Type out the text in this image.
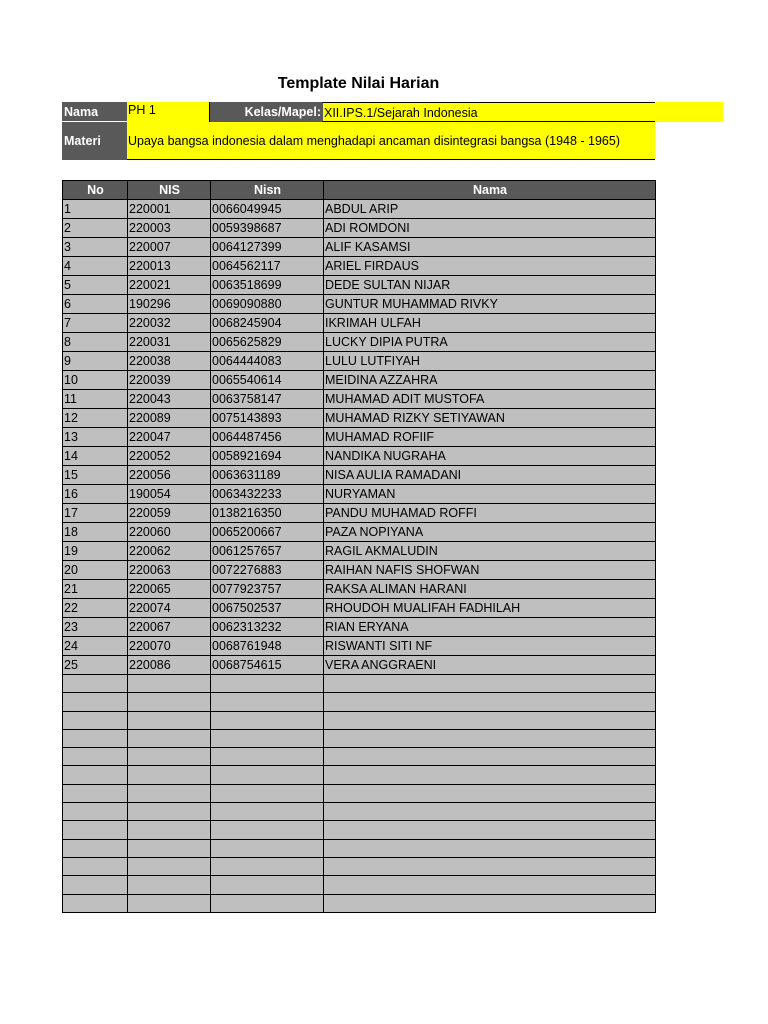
Template Nilai Harian
Nama	PH 1	Kelas/Mapel: XII.IPS.1/Sejarah Indonesia
Materi	Upaya bangsa indonesia dalam menghadapi ancaman disintegrasi bangsa (1948 - 1965)
No	NIS	Nisn	Nama
1	220001	0066049945	ABDUL ARIP
2	220003	0059398687	ADI ROMDONI
3	220007	0064127399	ALIF KASAMSI
4	220013	0064562117	ARIEL FIRDAUS
5	220021	0063518699	DEDE SULTAN NIJAR
6	190296	0069090880	GUNTUR MUHAMMAD RIVKY
7	220032	0068245904	IKRIMAH ULFAH
8	220031	0065625829	LUCKY DIPIA PUTRA
9	220038	0064444083	LULU LUTFIYAH
10	220039	0065540614	MEIDINA AZZAHRA
11	220043	0063758147	MUHAMAD ADIT MUSTOFA
12	220089	0075143893	MUHAMAD RIZKY SETIYAWAN
13	220047	0064487456	MUHAMAD ROFIIF
14	220052	0058921694	NANDIKA NUGRAHA
15	220056	0063631189	NISA AULIA RAMADANI
16	190054	0063432233	NURYAMAN
17	220059	0138216350	PANDU MUHAMAD ROFFI
18	220060	0065200667	PAZA NOPIYANA
19	220062	0061257657	RAGIL AKMALUDIN
20	220063	0072276883	RAIHAN NAFIS SHOFWAN
21	220065	0077923757	RAKSA ALIMAN HARANI
22	220074	0067502537	RHOUDOH MUALIFAH FADHILAH
23	220067	0062313232	RIAN ERYANA
24	220070	0068761948	RISWANTI SITI NF
25	220086	0068754615	VERA ANGGRAENI
